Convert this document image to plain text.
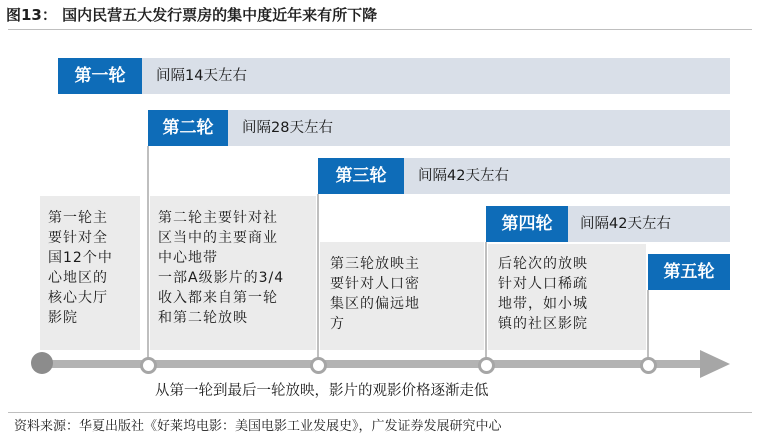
图13： 国内民营五大发行票房的集中度近年来有所下降
第一轮	间隔14天左右
第二轮	间隔28天左右
第三轮	间隔42天左右
第四轮	间隔42天左右
第五轮
第一轮主
要针对全
国12个中
心地区的
核心大厅
影院
第二轮主要针对社
区当中的主要商业
中心地带
一部A级影片的3/4
收入都来自第一轮
和第二轮放映
第三轮放映主
要针对人口密
集区的偏远地
方
后轮次的放映
针对人口稀疏
地带，如小城
镇的社区影院
从第一轮到最后一轮放映，影片的观影价格逐渐走低
资料来源：华夏出版社《好莱坞电影：美国电影工业发展史》，广发证券发展研究中心
